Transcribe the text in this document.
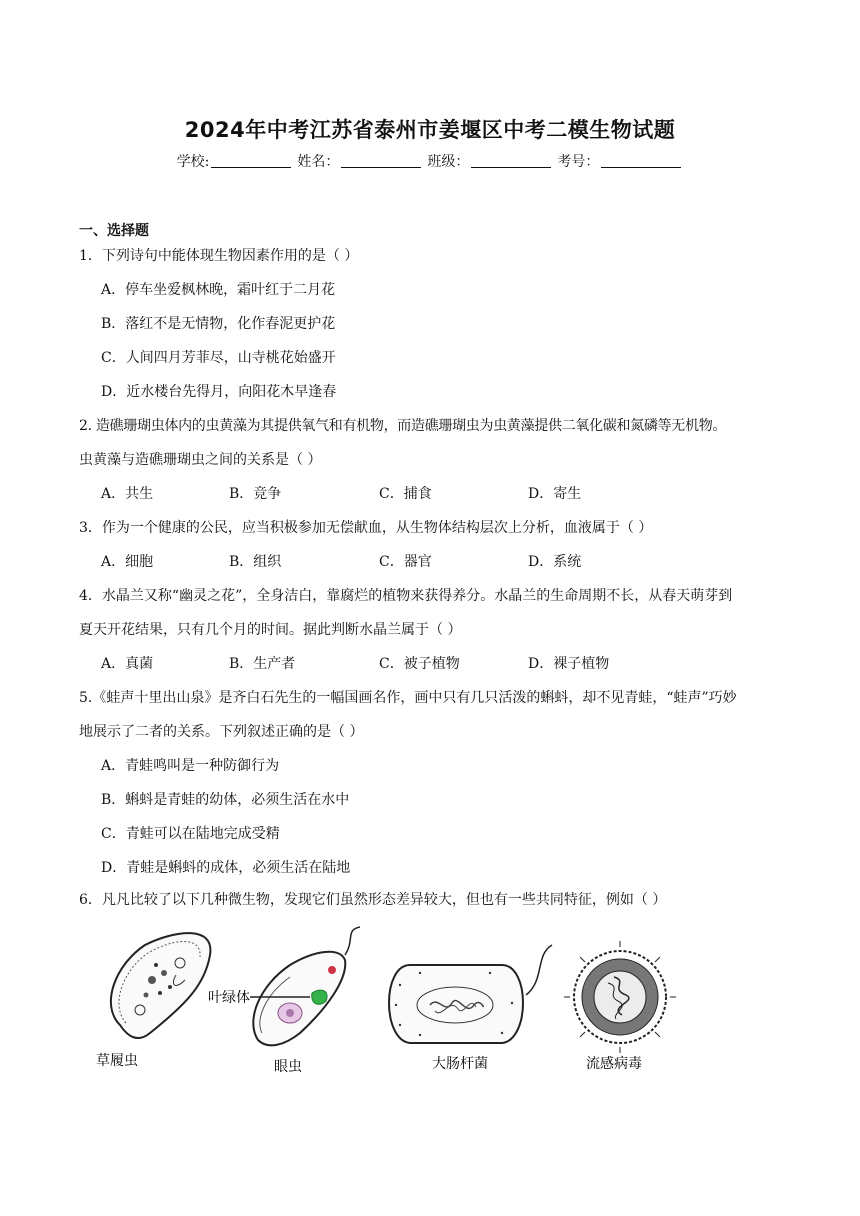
2024年中考江苏省泰州市姜堰区中考二模生物试题
学校:	姓名：	班级：	考号：
一、选择题
1．下列诗句中能体现生物因素作用的是（ ）
A．停车坐爱枫林晚，霜叶红于二月花
B．落红不是无情物，化作春泥更护花
C．人间四月芳菲尽，山寺桃花始盛开
D．近水楼台先得月，向阳花木早逢春
2. 造礁珊瑚虫体内的虫黄藻为其提供氧气和有机物，而造礁珊瑚虫为虫黄藻提供二氧化碳和氮磷等无机物。
虫黄藻与造礁珊瑚虫之间的关系是（ ）
A．共生	B．竞争	C．捕食	D．寄生
3．作为一个健康的公民，应当积极参加无偿献血，从生物体结构层次上分析，血液属于（ ）
A．细胞	B．组织	C．器官	D．系统
4．水晶兰又称“幽灵之花”，全身洁白，靠腐烂的植物来获得养分。水晶兰的生命周期不长，从春天萌芽到
夏天开花结果，只有几个月的时间。据此判断水晶兰属于（ ）
A．真菌	B．生产者	C．被子植物	D．裸子植物
5.《蛙声十里出山泉》是齐白石先生的一幅国画名作，画中只有几只活泼的蝌蚪，却不见青蛙，“蛙声”巧妙
地展示了二者的关系。下列叙述正确的是（ ）
A．青蛙鸣叫是一种防御行为
B．蝌蚪是青蛙的幼体，必须生活在水中
C．青蛙可以在陆地完成受精
D．青蛙是蝌蚪的成体，必须生活在陆地
6．凡凡比较了以下几种微生物，发现它们虽然形态差异较大，但也有一些共同特征，例如（ ）
草履虫
叶绿体
眼虫	大肠杆菌	流感病毒
